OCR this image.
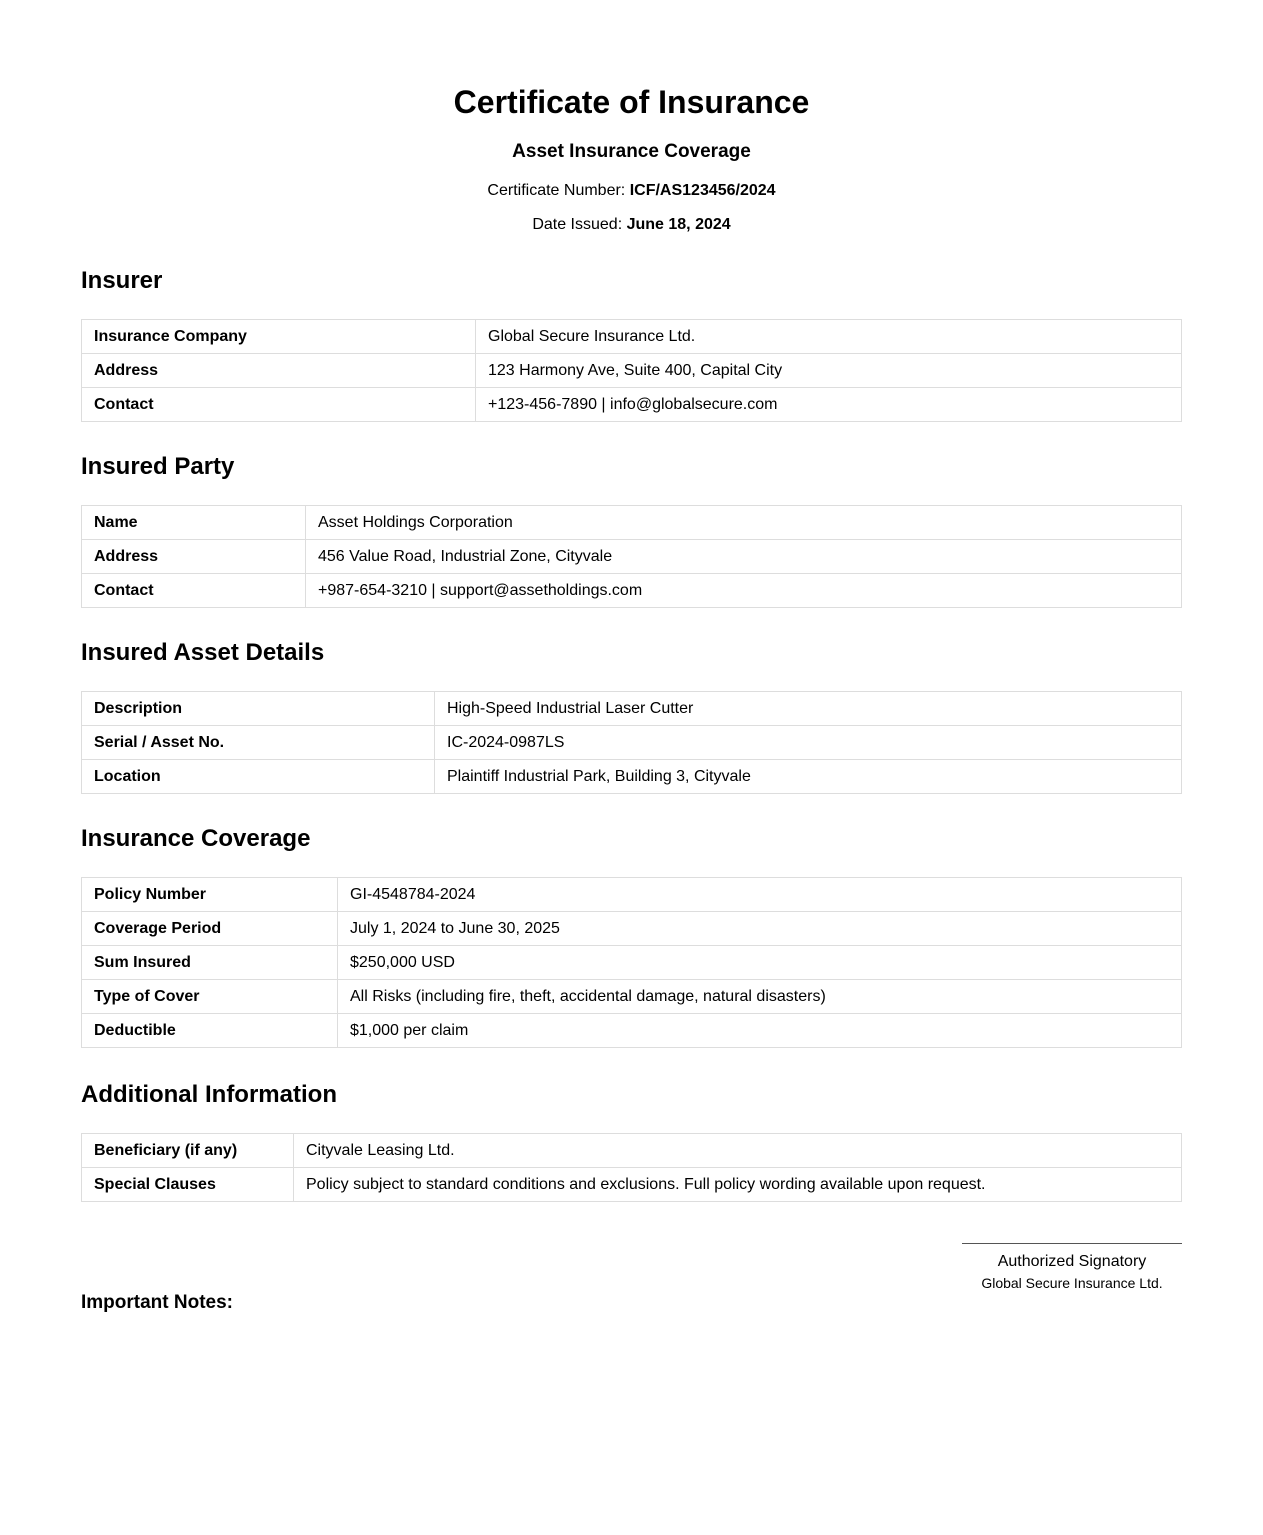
Certificate of Insurance
Asset Insurance Coverage
Certificate Number: ICF/AS123456/2024
Date Issued: June 18, 2024
Insurer
Insurance Company	Global Secure Insurance Ltd.
Address	123 Harmony Ave, Suite 400, Capital City
Contact	+123-456-7890 | info@globalsecure.com
Insured Party
Name	Asset Holdings Corporation
Address	456 Value Road, Industrial Zone, Cityvale
Contact	+987-654-3210 | support@assetholdings.com
Insured Asset Details
Description	High-Speed Industrial Laser Cutter
Serial / Asset No.	IC-2024-0987LS
Location	Plaintiff Industrial Park, Building 3, Cityvale
Insurance Coverage
Policy Number	GI-4548784-2024
Coverage Period	July 1, 2024 to June 30, 2025
Sum Insured	$250,000 USD
Type of Cover	All Risks (including fire, theft, accidental damage, natural disasters)
Deductible	$1,000 per claim
Additional Information
Beneficiary (if any)	Cityvale Leasing Ltd.
Special Clauses	Policy subject to standard conditions and exclusions. Full policy wording available upon request.
Authorized Signatory
Global Secure Insurance Ltd.
Important Notes:
